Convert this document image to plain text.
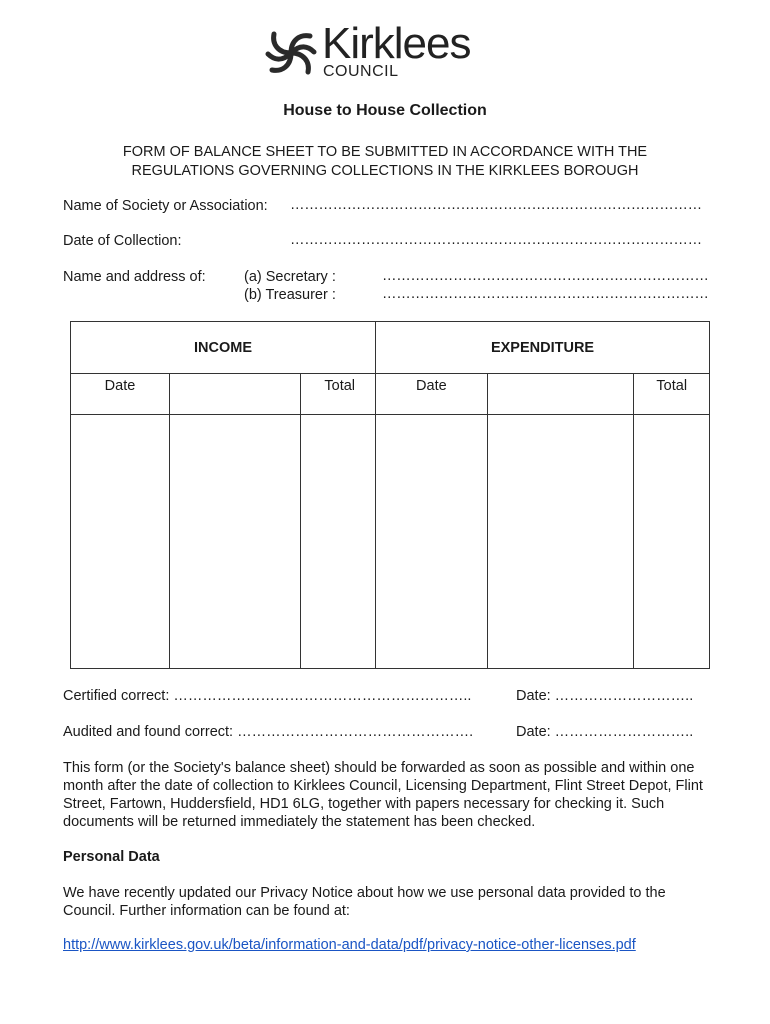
Kirklees
COUNCIL
House to House Collection
FORM OF BALANCE SHEET TO BE SUBMITTED IN ACCORDANCE WITH THE
REGULATIONS GOVERNING COLLECTIONS IN THE KIRKLEES BOROUGH
Name of Society or Association: ……………………………………………………………………………
Date of Collection:	……………………………………………………………………………
Name and address of:	(a) Secretary :	……………………………………………………………
(b) Treasurer :	……………………………………………………………
INCOME			EXPENDITURE		
Date		Total	Date		Total

Certified correct: ……………………………………………………..	Date: ………………………..
Audited and found correct: ………………………………………….	Date: ………………………..
This form (or the Society's balance sheet) should be forwarded as soon as possible and within one month after the date of collection to Kirklees Council, Licensing Department, Flint Street Depot, Flint Street, Fartown, Huddersfield, HD1 6LG, together with papers necessary for checking it. Such documents will be returned immediately the statement has been checked.
Personal Data
We have recently updated our Privacy Notice about how we use personal data provided to the Council. Further information can be found at:
http://www.kirklees.gov.uk/beta/information-and-data/pdf/privacy-notice-other-licenses.pdf
